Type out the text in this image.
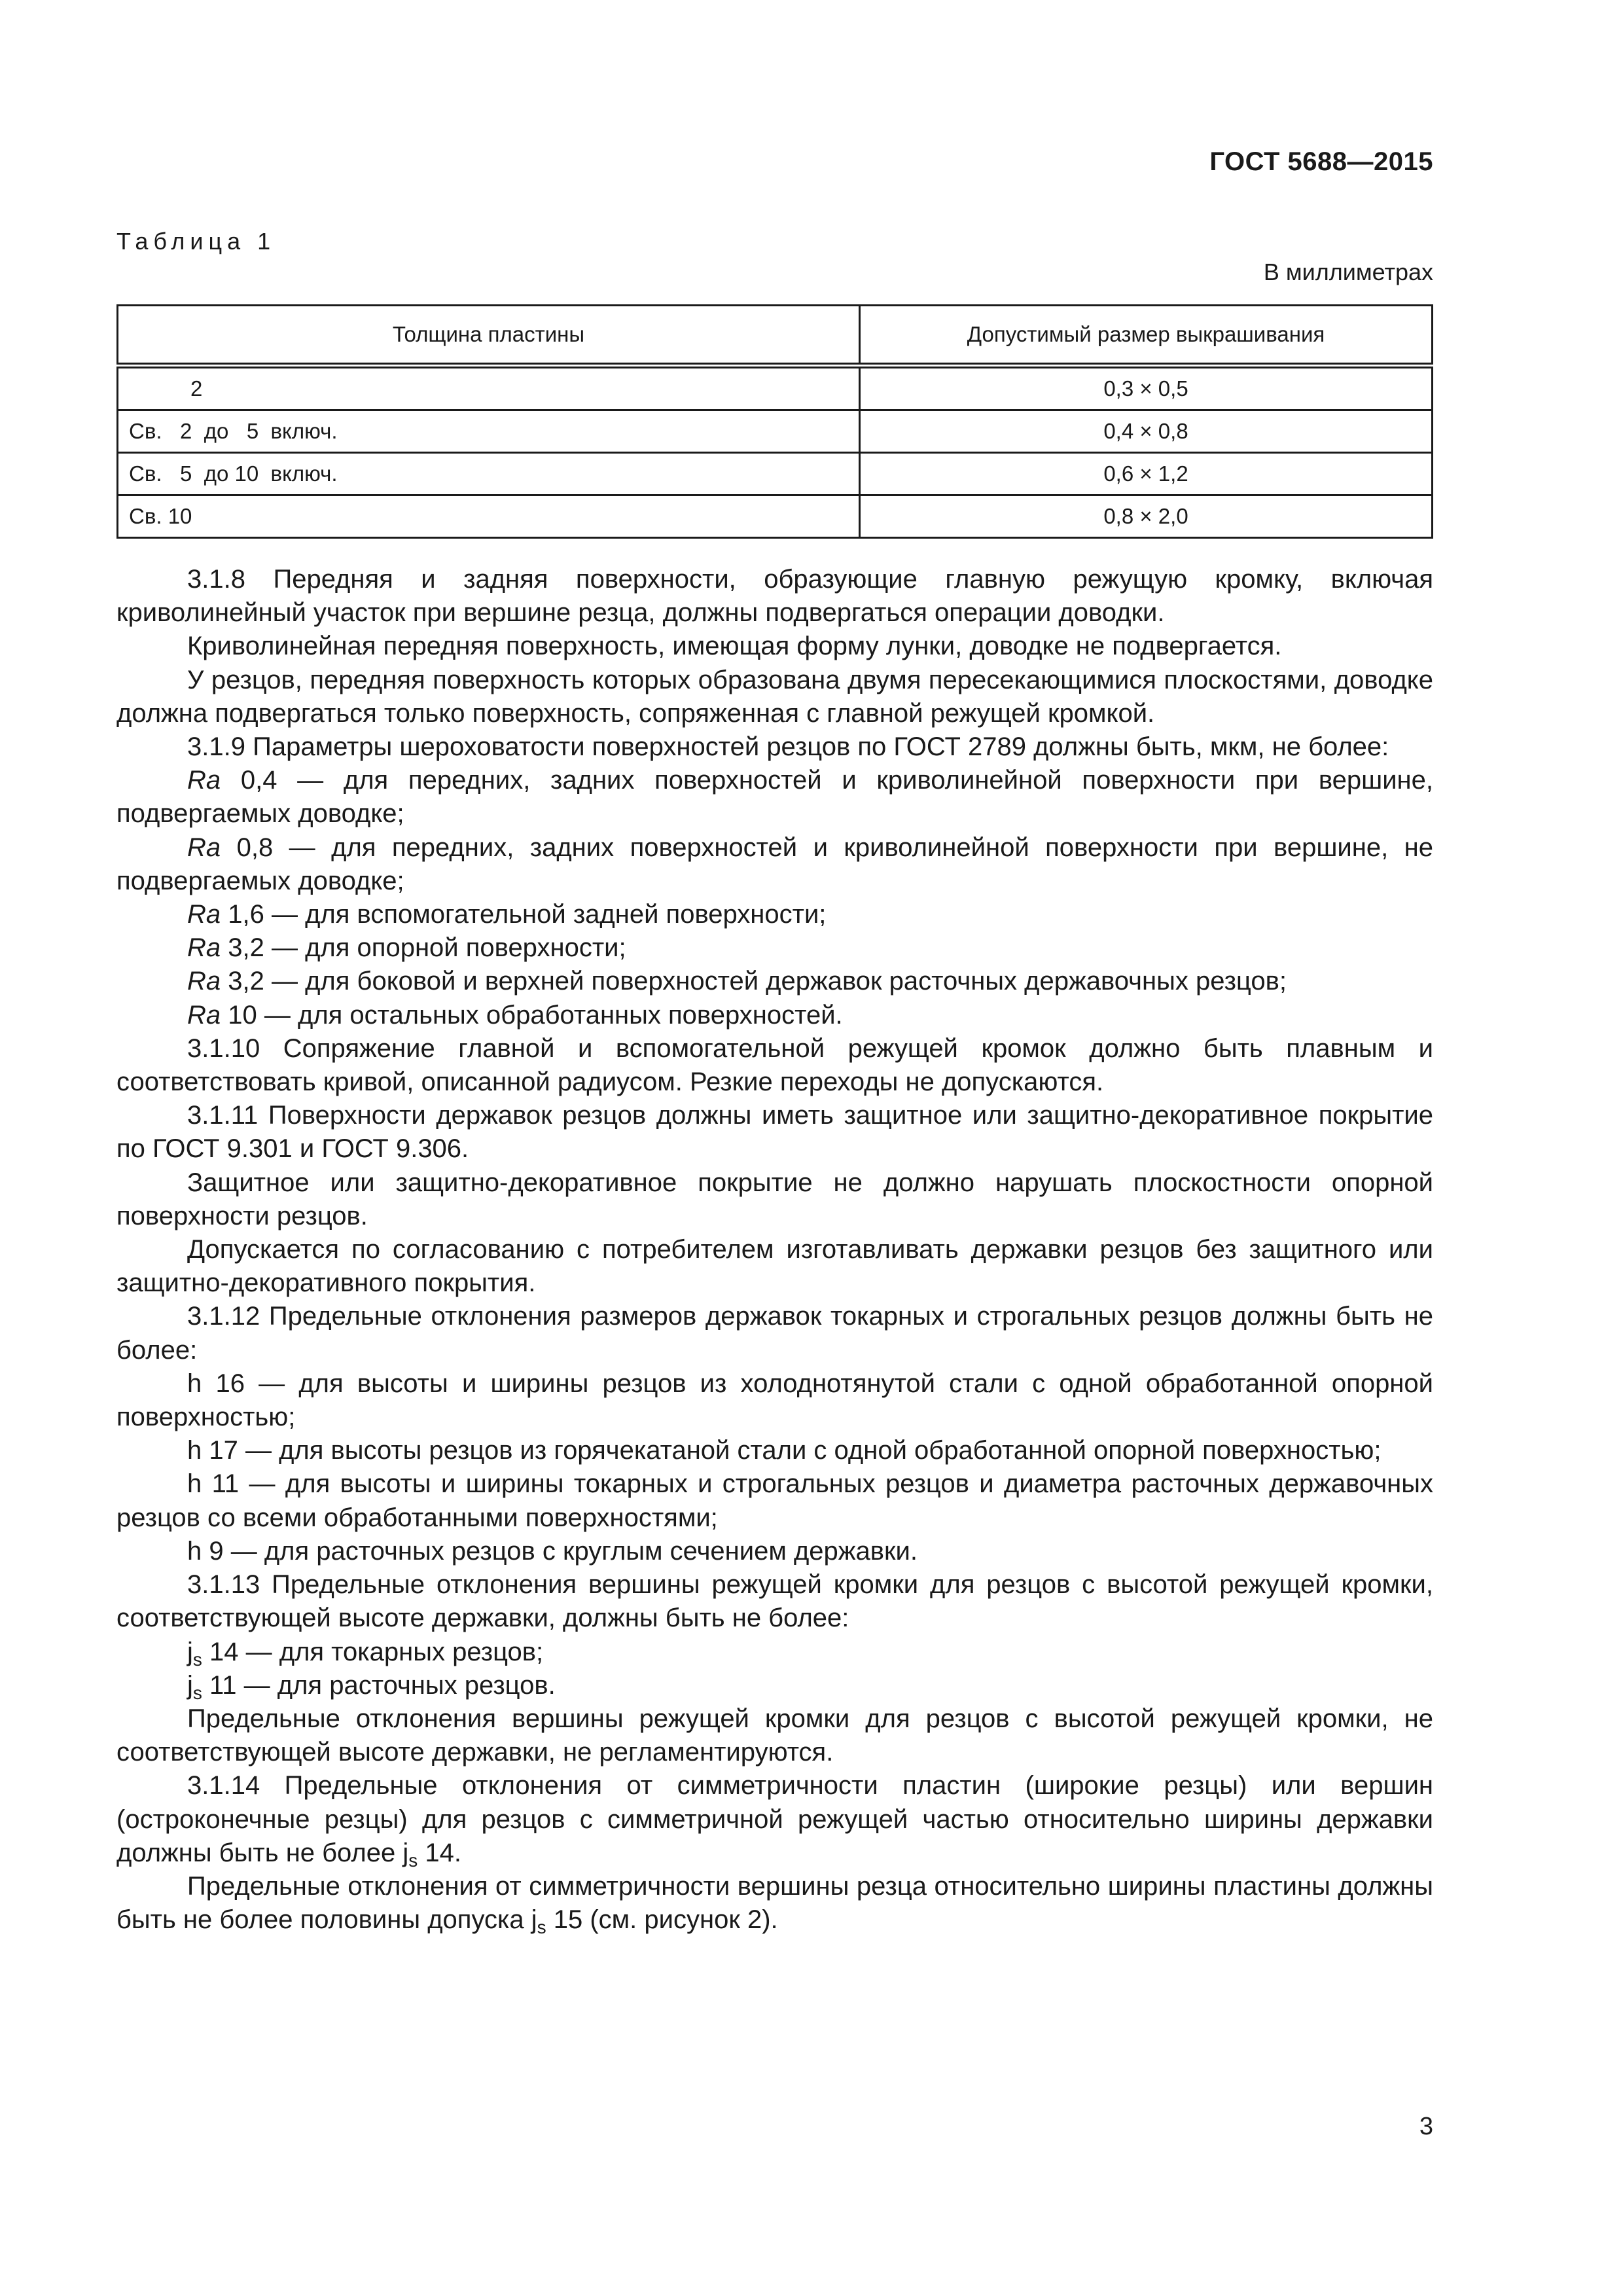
ГОСТ 5688—2015
Таблица 1
В миллиметрах
Толщина пластины	Допустимый размер выкрашивания
2	0,3 × 0,5
Св.   2  до   5  включ.	0,4 × 0,8
Св.   5  до 10  включ.	0,6 × 1,2
Св. 10	0,8 × 2,0

3.1.8 Передняя и задняя поверхности, образующие главную режущую кромку, включая криволинейный участок при вершине резца, должны подвергаться операции доводки.

Криволинейная передняя поверхность, имеющая форму лунки, доводке не подвергается.

У резцов, передняя поверхность которых образована двумя пересекающимися плоскостями, доводке должна подвергаться только поверхность, сопряженная с главной режущей кромкой.

3.1.9 Параметры шероховатости поверхностей резцов по ГОСТ 2789 должны быть, мкм, не более:

Ra 0,4 — для передних, задних поверхностей и криволинейной поверхности при вершине, подвергаемых доводке;

Ra 0,8 — для передних, задних поверхностей и криволинейной поверхности при вершине, не подвергаемых доводке;

Ra 1,6 — для вспомогательной задней поверхности;

Ra 3,2 — для опорной поверхности;

Ra 3,2 — для боковой и верхней поверхностей державок расточных державочных резцов;

Ra 10 — для остальных обработанных поверхностей.

3.1.10 Сопряжение главной и вспомогательной режущей кромок должно быть плавным и соответствовать кривой, описанной радиусом. Резкие переходы не допускаются.

3.1.11 Поверхности державок резцов должны иметь защитное или защитно-декоративное покрытие по ГОСТ 9.301 и ГОСТ 9.306.

Защитное или защитно-декоративное покрытие не должно нарушать плоскостности опорной поверхности резцов.

Допускается по согласованию с потребителем изготавливать державки резцов без защитного или защитно-декоративного покрытия.

3.1.12 Предельные отклонения размеров державок токарных и строгальных резцов должны быть не более:

h 16 — для высоты и ширины резцов из холоднотянутой стали с одной обработанной опорной поверхностью;

h 17 — для высоты резцов из горячекатаной стали с одной обработанной опорной поверхностью;

h 11 — для высоты и ширины токарных и строгальных резцов и диаметра расточных державочных резцов со всеми обработанными поверхностями;

h 9 — для расточных резцов с круглым сечением державки.

3.1.13 Предельные отклонения вершины режущей кромки для резцов с высотой режущей кромки, соответствующей высоте державки, должны быть не более:

$j_s$ 14 — для токарных резцов;

$j_s$ 11 — для расточных резцов.

Предельные отклонения вершины режущей кромки для резцов с высотой режущей кромки, не соответствующей высоте державки, не регламентируются.

3.1.14 Предельные отклонения от симметричности пластин (широкие резцы) или вершин (остроконечные резцы) для резцов с симметричной режущей частью относительно ширины державки должны быть не более $j_s$ 14.

Предельные отклонения от симметричности вершины резца относительно ширины пластины должны быть не более половины допуска $j_s$ 15 (см. рисунок 2).

3
